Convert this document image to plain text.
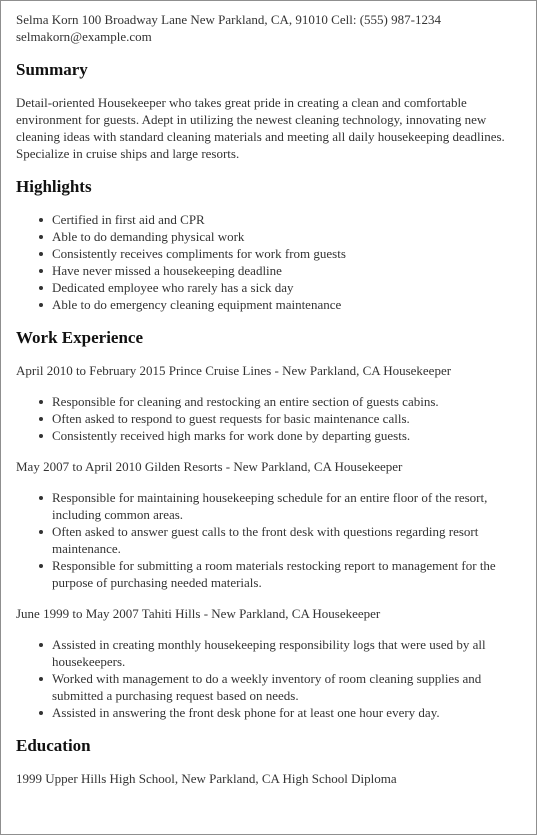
Selma Korn 100 Broadway Lane New Parkland, CA, 91010 Cell: (555) 987-1234

selmakorn@example.com

Summary

Detail-oriented Housekeeper who takes great pride in creating a clean and comfortable environment for guests. Adept in utilizing the newest cleaning technology, innovating new cleaning ideas with standard cleaning materials and meeting all daily housekeeping deadlines. Specialize in cruise ships and large resorts.

Highlights
Certified in first aid and CPR
Able to do demanding physical work
Consistently receives compliments for work from guests
Have never missed a housekeeping deadline
Dedicated employee who rarely has a sick day
Able to do emergency cleaning equipment maintenance
Work Experience

April 2010 to February 2015 Prince Cruise Lines - New Parkland, CA Housekeeper

Responsible for cleaning and restocking an entire section of guests cabins.
Often asked to respond to guest requests for basic maintenance calls.
Consistently received high marks for work done by departing guests.

May 2007 to April 2010 Gilden Resorts - New Parkland, CA Housekeeper

Responsible for maintaining housekeeping schedule for an entire floor of the resort, including common areas.
Often asked to answer guest calls to the front desk with questions regarding resort maintenance.
Responsible for submitting a room materials restocking report to management for the purpose of purchasing needed materials.

June 1999 to May 2007 Tahiti Hills - New Parkland, CA Housekeeper

Assisted in creating monthly housekeeping responsibility logs that were used by all housekeepers.
Worked with management to do a weekly inventory of room cleaning supplies and submitted a purchasing request based on needs.
Assisted in answering the front desk phone for at least one hour every day.
Education

1999 Upper Hills High School, New Parkland, CA High School Diploma
